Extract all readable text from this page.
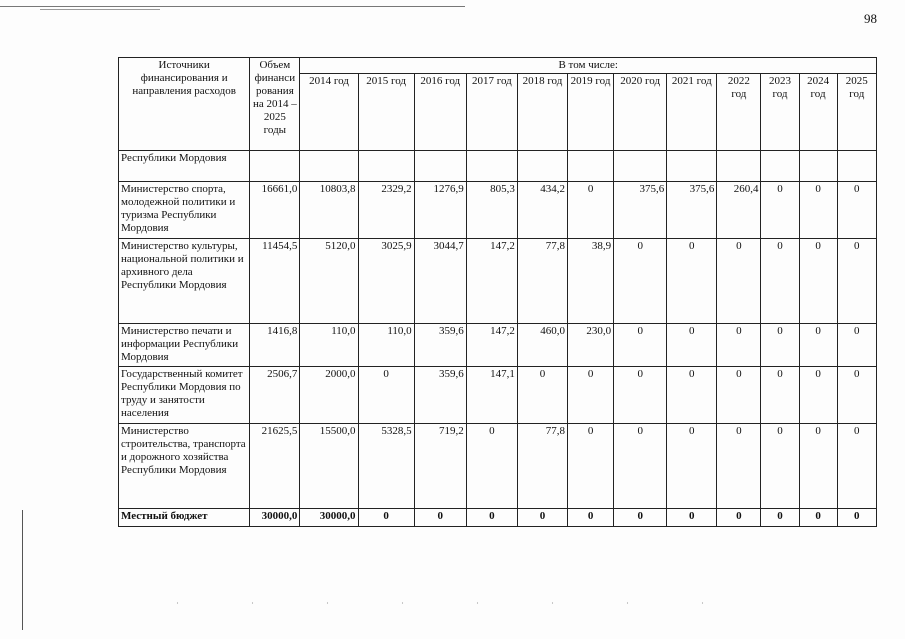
98
Источники финансирования и направления расходов	Объем финанси рования на 2014 – 2025 годы	В том числе:											
		2014 год	2015 год	2016 год	2017 год	2018 год	2019 год	2020 год	2021 год	2022 год	2023 год	2024 год	2025 год
Республики Мордовия													
Министерство спорта, молодежной политики и туризма Республики Мордовия	16661,0	10803,8	2329,2	1276,9	805,3	434,2	0	375,6	375,6	260,4	0	0	0
Министерство культуры, национальной политики и архивного дела Республики Мордовия	11454,5	5120,0	3025,9	3044,7	147,2	77,8	38,9	0	0	0	0	0	0
Министерство печати и информации Республики Мордовия	1416,8	110,0	110,0	359,6	147,2	460,0	230,0	0	0	0	0	0	0
Государственный комитет Республики Мордовия по труду и занятости населения	2506,7	2000,0	0	359,6	147,1	0	0	0	0	0	0	0	0
Министерство строительства, транспорта и дорожного хозяйства Республики Мордовия	21625,5	15500,0	5328,5	719,2	0	77,8	0	0	0	0	0	0	0
Местный бюджет	30000,0	30000,0	0	0	0	0	0	0	0	0	0	0	0
